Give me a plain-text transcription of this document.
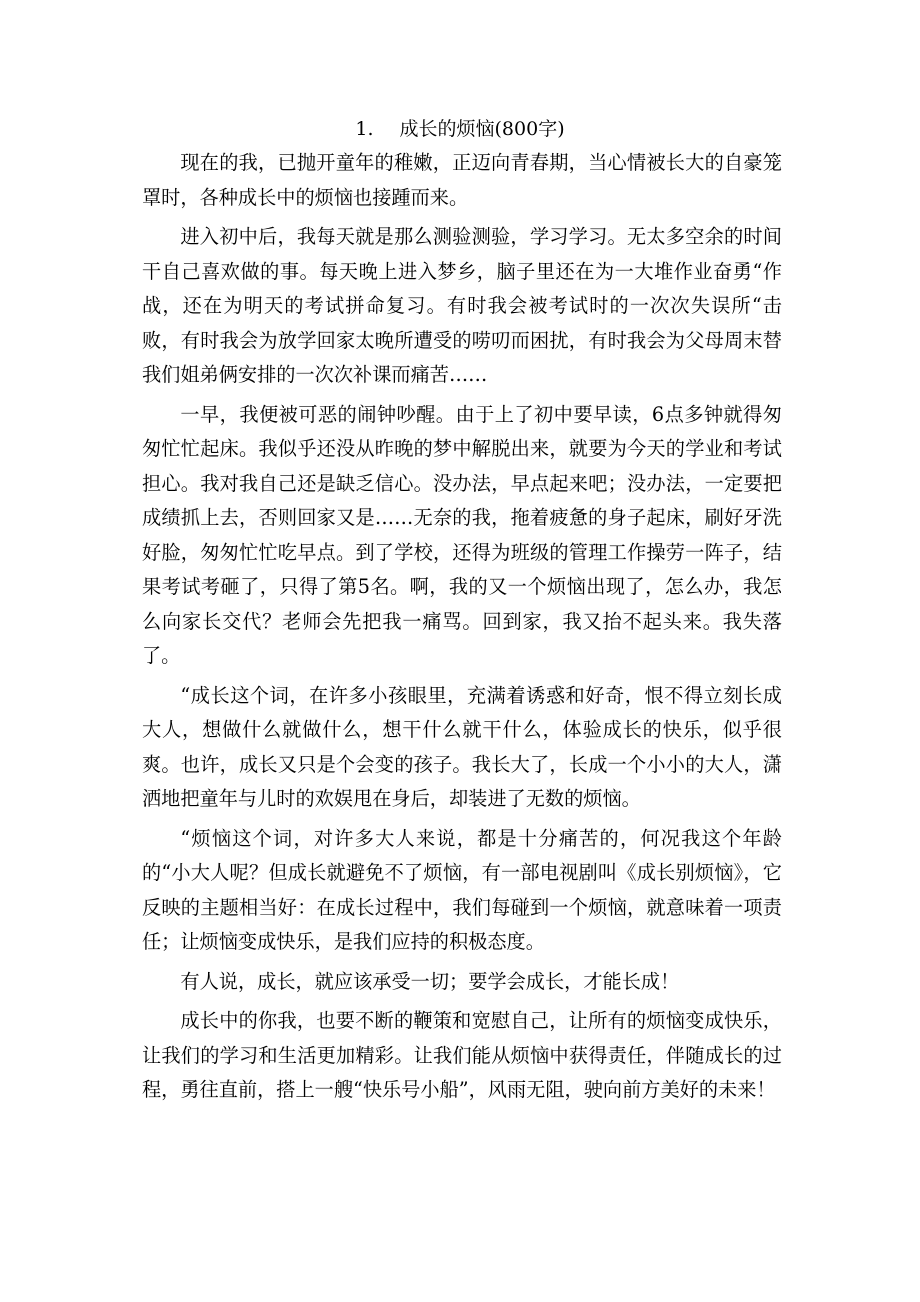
1. 成长的烦恼(800字)

现在的我，已抛开童年的稚嫩，正迈向青春期，当心情被长大的自豪笼罩时，各种成长中的烦恼也接踵而来。

进入初中后，我每天就是那么测验测验，学习学习。无太多空余的时间干自己喜欢做的事。每天晚上进入梦乡，脑子里还在为一大堆作业奋勇“作战，还在为明天的考试拼命复习。有时我会被考试时的一次次失误所“击败，有时我会为放学回家太晚所遭受的唠叨而困扰，有时我会为父母周末替我们姐弟俩安排的一次次补课而痛苦……

一早，我便被可恶的闹钟吵醒。由于上了初中要早读，6点多钟就得匆匆忙忙起床。我似乎还没从昨晚的梦中解脱出来，就要为今天的学业和考试担心。我对我自己还是缺乏信心。没办法，早点起来吧；没办法，一定要把成绩抓上去，否则回家又是……无奈的我，拖着疲惫的身子起床，刷好牙洗好脸，匆匆忙忙吃早点。到了学校，还得为班级的管理工作操劳一阵子，结果考试考砸了，只得了第5名。啊，我的又一个烦恼出现了，怎么办，我怎么向家长交代？老师会先把我一痛骂。回到家，我又抬不起头来。我失落了。

“成长这个词，在许多小孩眼里，充满着诱惑和好奇，恨不得立刻长成大人，想做什么就做什么，想干什么就干什么，体验成长的快乐，似乎很爽。也许，成长又只是个会变的孩子。我长大了，长成一个小小的大人，潇洒地把童年与儿时的欢娱甩在身后，却装进了无数的烦恼。

“烦恼这个词，对许多大人来说，都是十分痛苦的，何况我这个年龄的“小大人呢？但成长就避免不了烦恼，有一部电视剧叫《成长别烦恼》，它反映的主题相当好：在成长过程中，我们每碰到一个烦恼，就意味着一项责任；让烦恼变成快乐，是我们应持的积极态度。

有人说，成长，就应该承受一切；要学会成长，才能长成！

成长中的你我，也要不断的鞭策和宽慰自己，让所有的烦恼变成快乐，让我们的学习和生活更加精彩。让我们能从烦恼中获得责任，伴随成长的过程，勇往直前，搭上一艘“快乐号小船”，风雨无阻，驶向前方美好的未来！
